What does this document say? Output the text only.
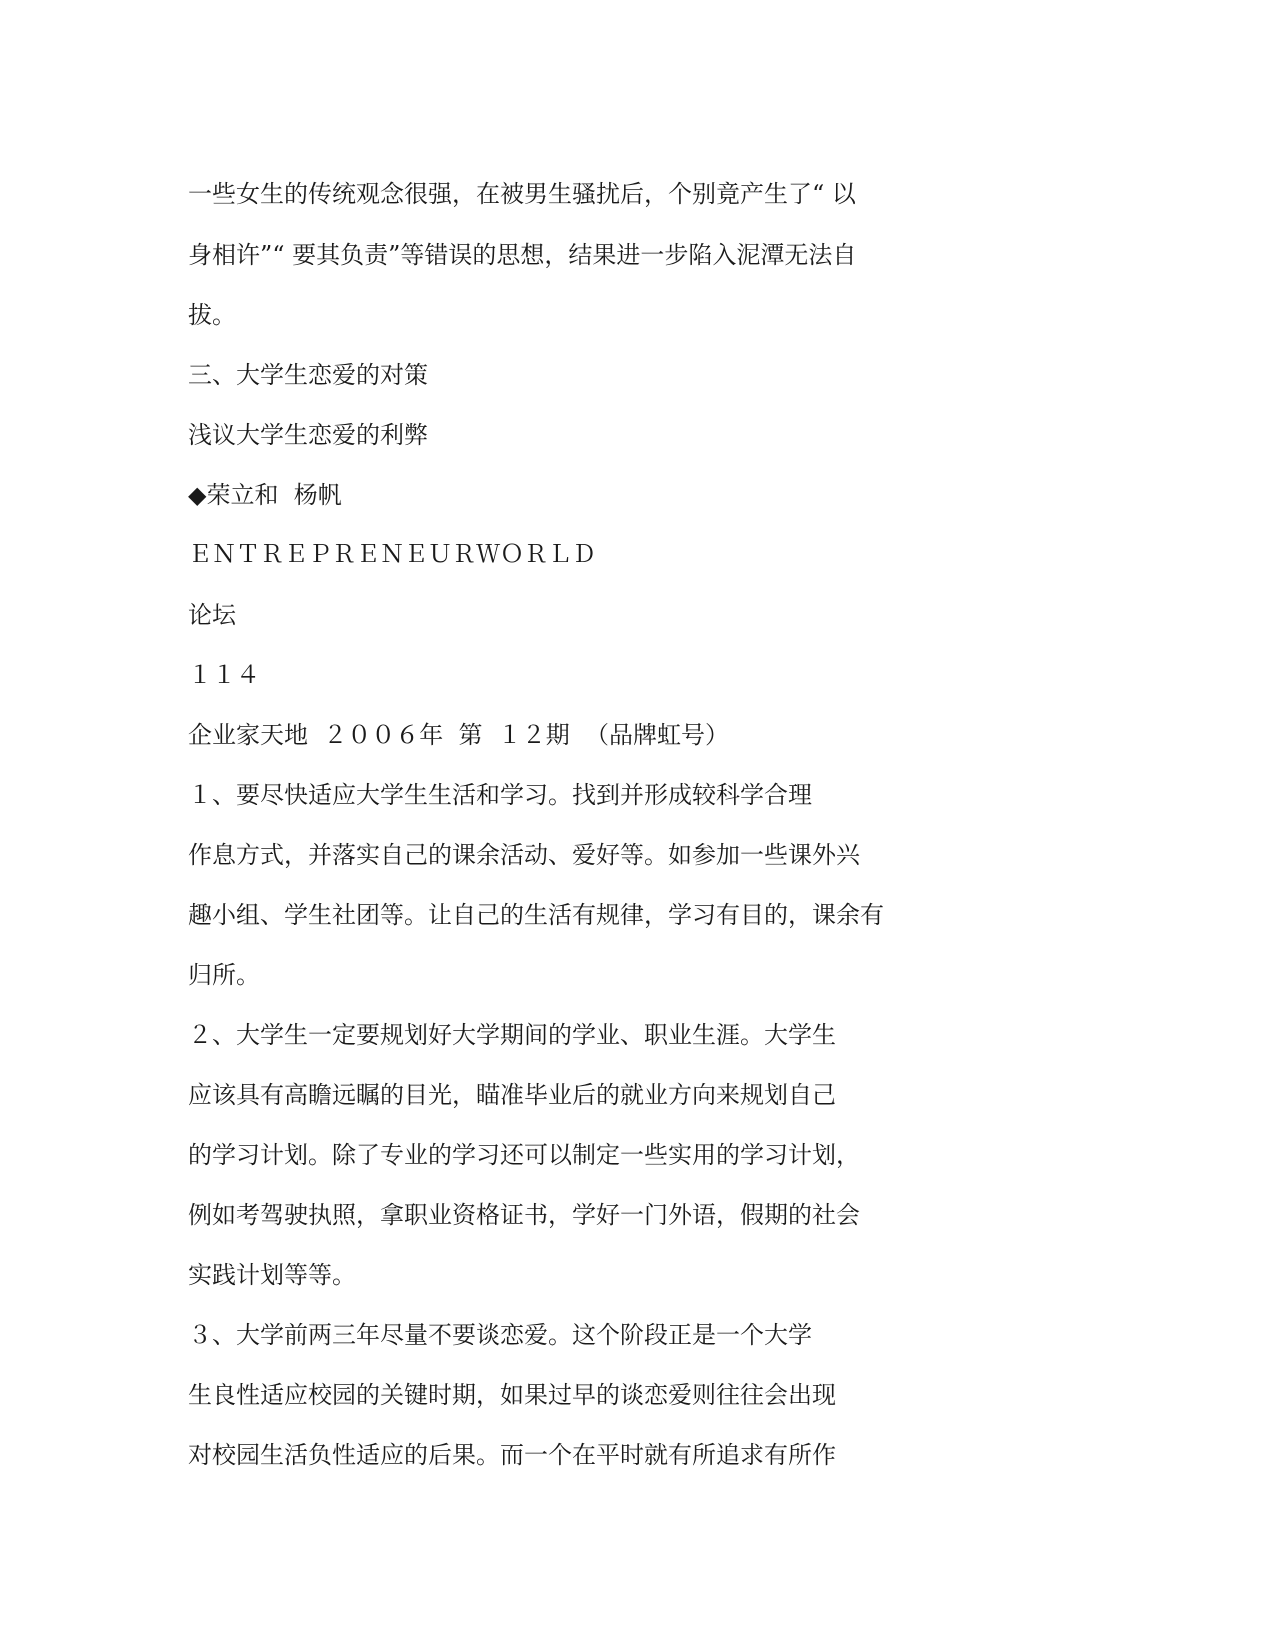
一些女生的传统观念很强，在被男生骚扰后，个别竟产生了“ 以

身相许”“ 要其负责”等错误的思想，结果进一步陷入泥潭无法自

拔。

三、大学生恋爱的对策

浅议大学生恋爱的利弊

◆荣立和  杨帆

ＥＮＴＲＥＰＲＥＮＥＵＲＷＯＲＬＤ

论坛

１１４

企业家天地  ２００６年  第  １２期  （品牌虹号）

１、要尽快适应大学生生活和学习。找到并形成较科学合理

作息方式，并落实自己的课余活动、爱好等。如参加一些课外兴

趣小组、学生社团等。让自己的生活有规律，学习有目的，课余有

归所。

２、大学生一定要规划好大学期间的学业、职业生涯。大学生

应该具有高瞻远瞩的目光，瞄准毕业后的就业方向来规划自己

的学习计划。除了专业的学习还可以制定一些实用的学习计划，

例如考驾驶执照，拿职业资格证书，学好一门外语，假期的社会

实践计划等等。

３、大学前两三年尽量不要谈恋爱。这个阶段正是一个大学

生良性适应校园的关键时期，如果过早的谈恋爱则往往会出现

对校园生活负性适应的后果。而一个在平时就有所追求有所作
